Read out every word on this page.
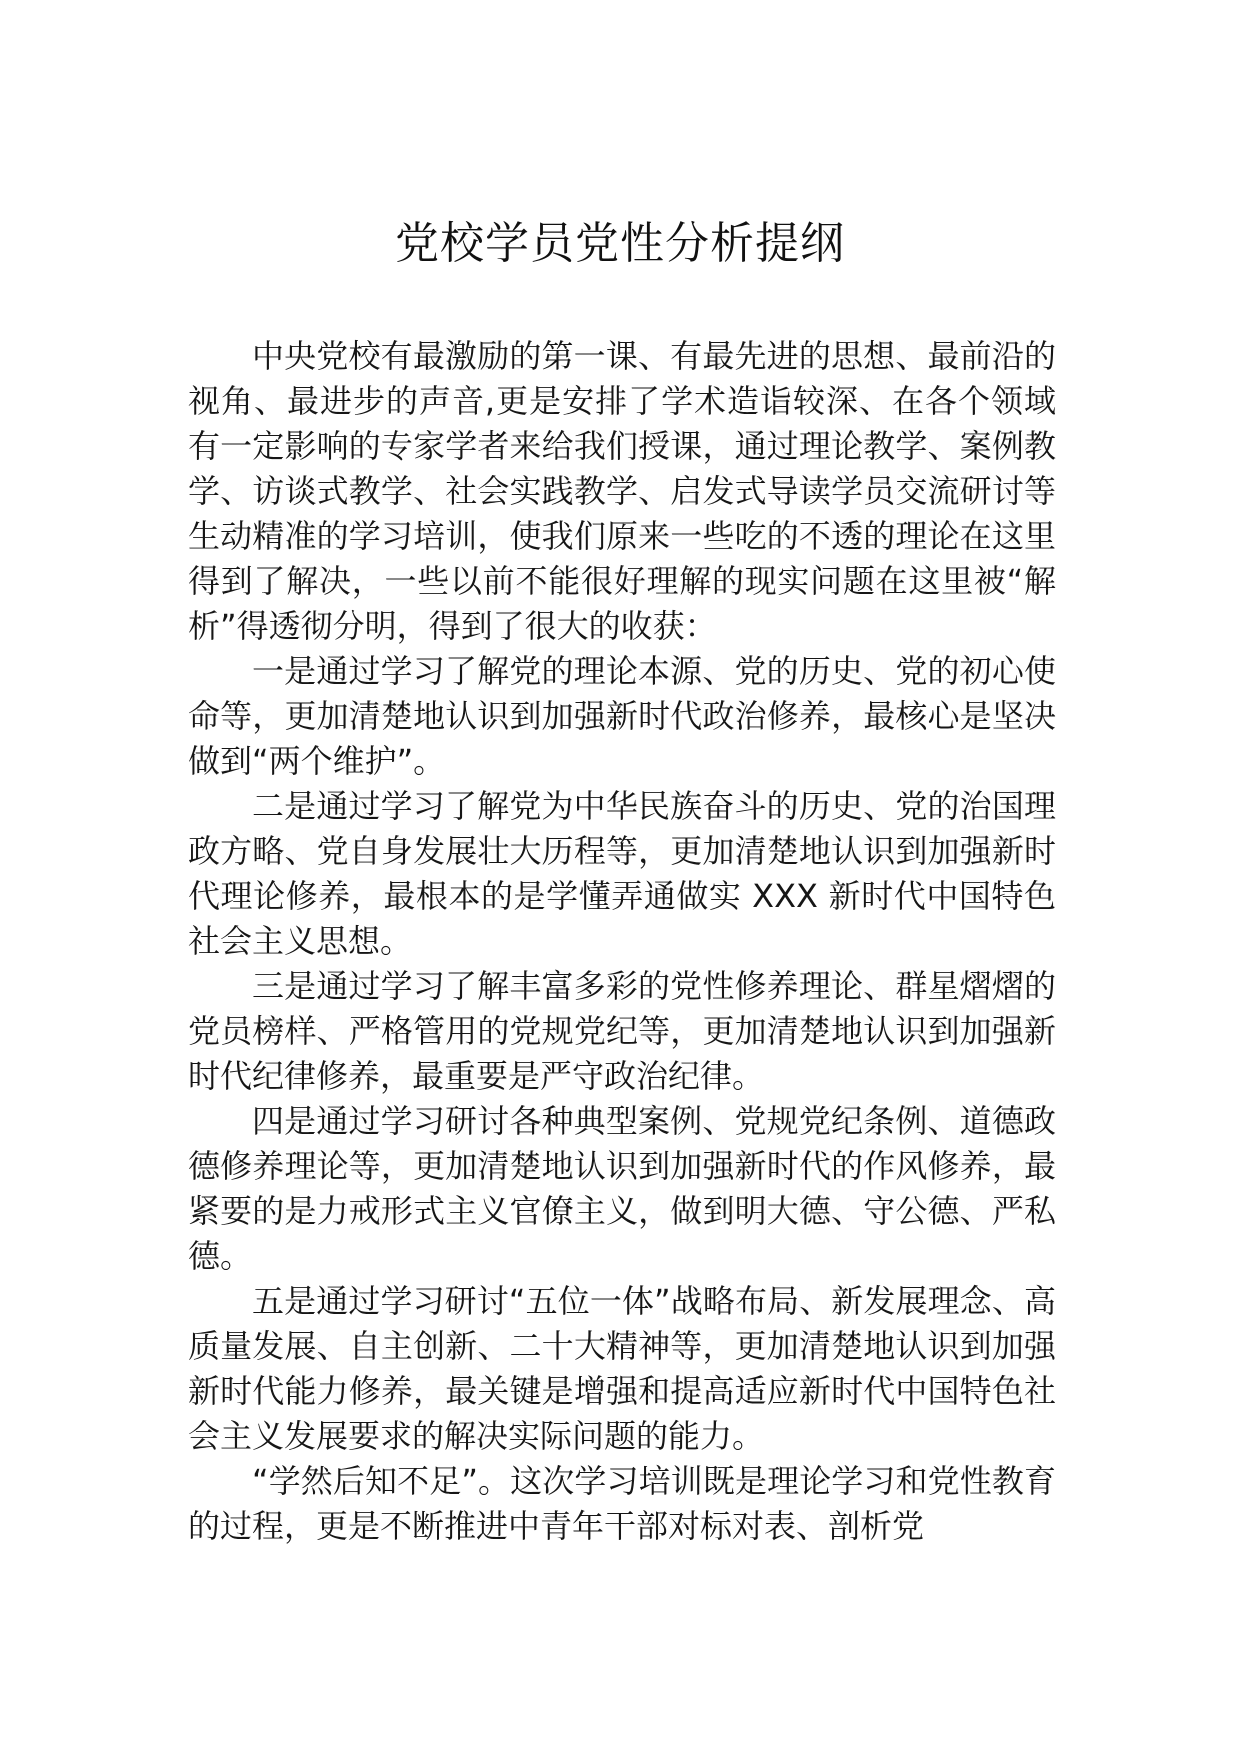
党校学员党性分析提纲

中央党校有最激励的第一课、有最先进的思想、最前沿的视角、最进步的声音,更是安排了学术造诣较深、在各个领域有一定影响的专家学者来给我们授课，通过理论教学、案例教学、访谈式教学、社会实践教学、启发式导读学员交流研讨等生动精准的学习培训，使我们原来一些吃的不透的理论在这里得到了解决，一些以前不能很好理解的现实问题在这里被“解析”得透彻分明，得到了很大的收获：

一是通过学习了解党的理论本源、党的历史、党的初心使命等，更加清楚地认识到加强新时代政治修养，最核心是坚决做到“两个维护”。

二是通过学习了解党为中华民族奋斗的历史、党的治国理政方略、党自身发展壮大历程等，更加清楚地认识到加强新时代理论修养，最根本的是学懂弄通做实 XXX 新时代中国特色社会主义思想。

三是通过学习了解丰富多彩的党性修养理论、群星熠熠的党员榜样、严格管用的党规党纪等，更加清楚地认识到加强新时代纪律修养，最重要是严守政治纪律。

四是通过学习研讨各种典型案例、党规党纪条例、道德政德修养理论等，更加清楚地认识到加强新时代的作风修养，最紧要的是力戒形式主义官僚主义，做到明大德、守公德、严私德。

五是通过学习研讨“五位一体”战略布局、新发展理念、高质量发展、自主创新、二十大精神等，更加清楚地认识到加强新时代能力修养，最关键是增强和提高适应新时代中国特色社会主义发展要求的解决实际问题的能力。

“学然后知不足”。这次学习培训既是理论学习和党性教育的过程，更是不断推进中青年干部对标对表、剖析党
